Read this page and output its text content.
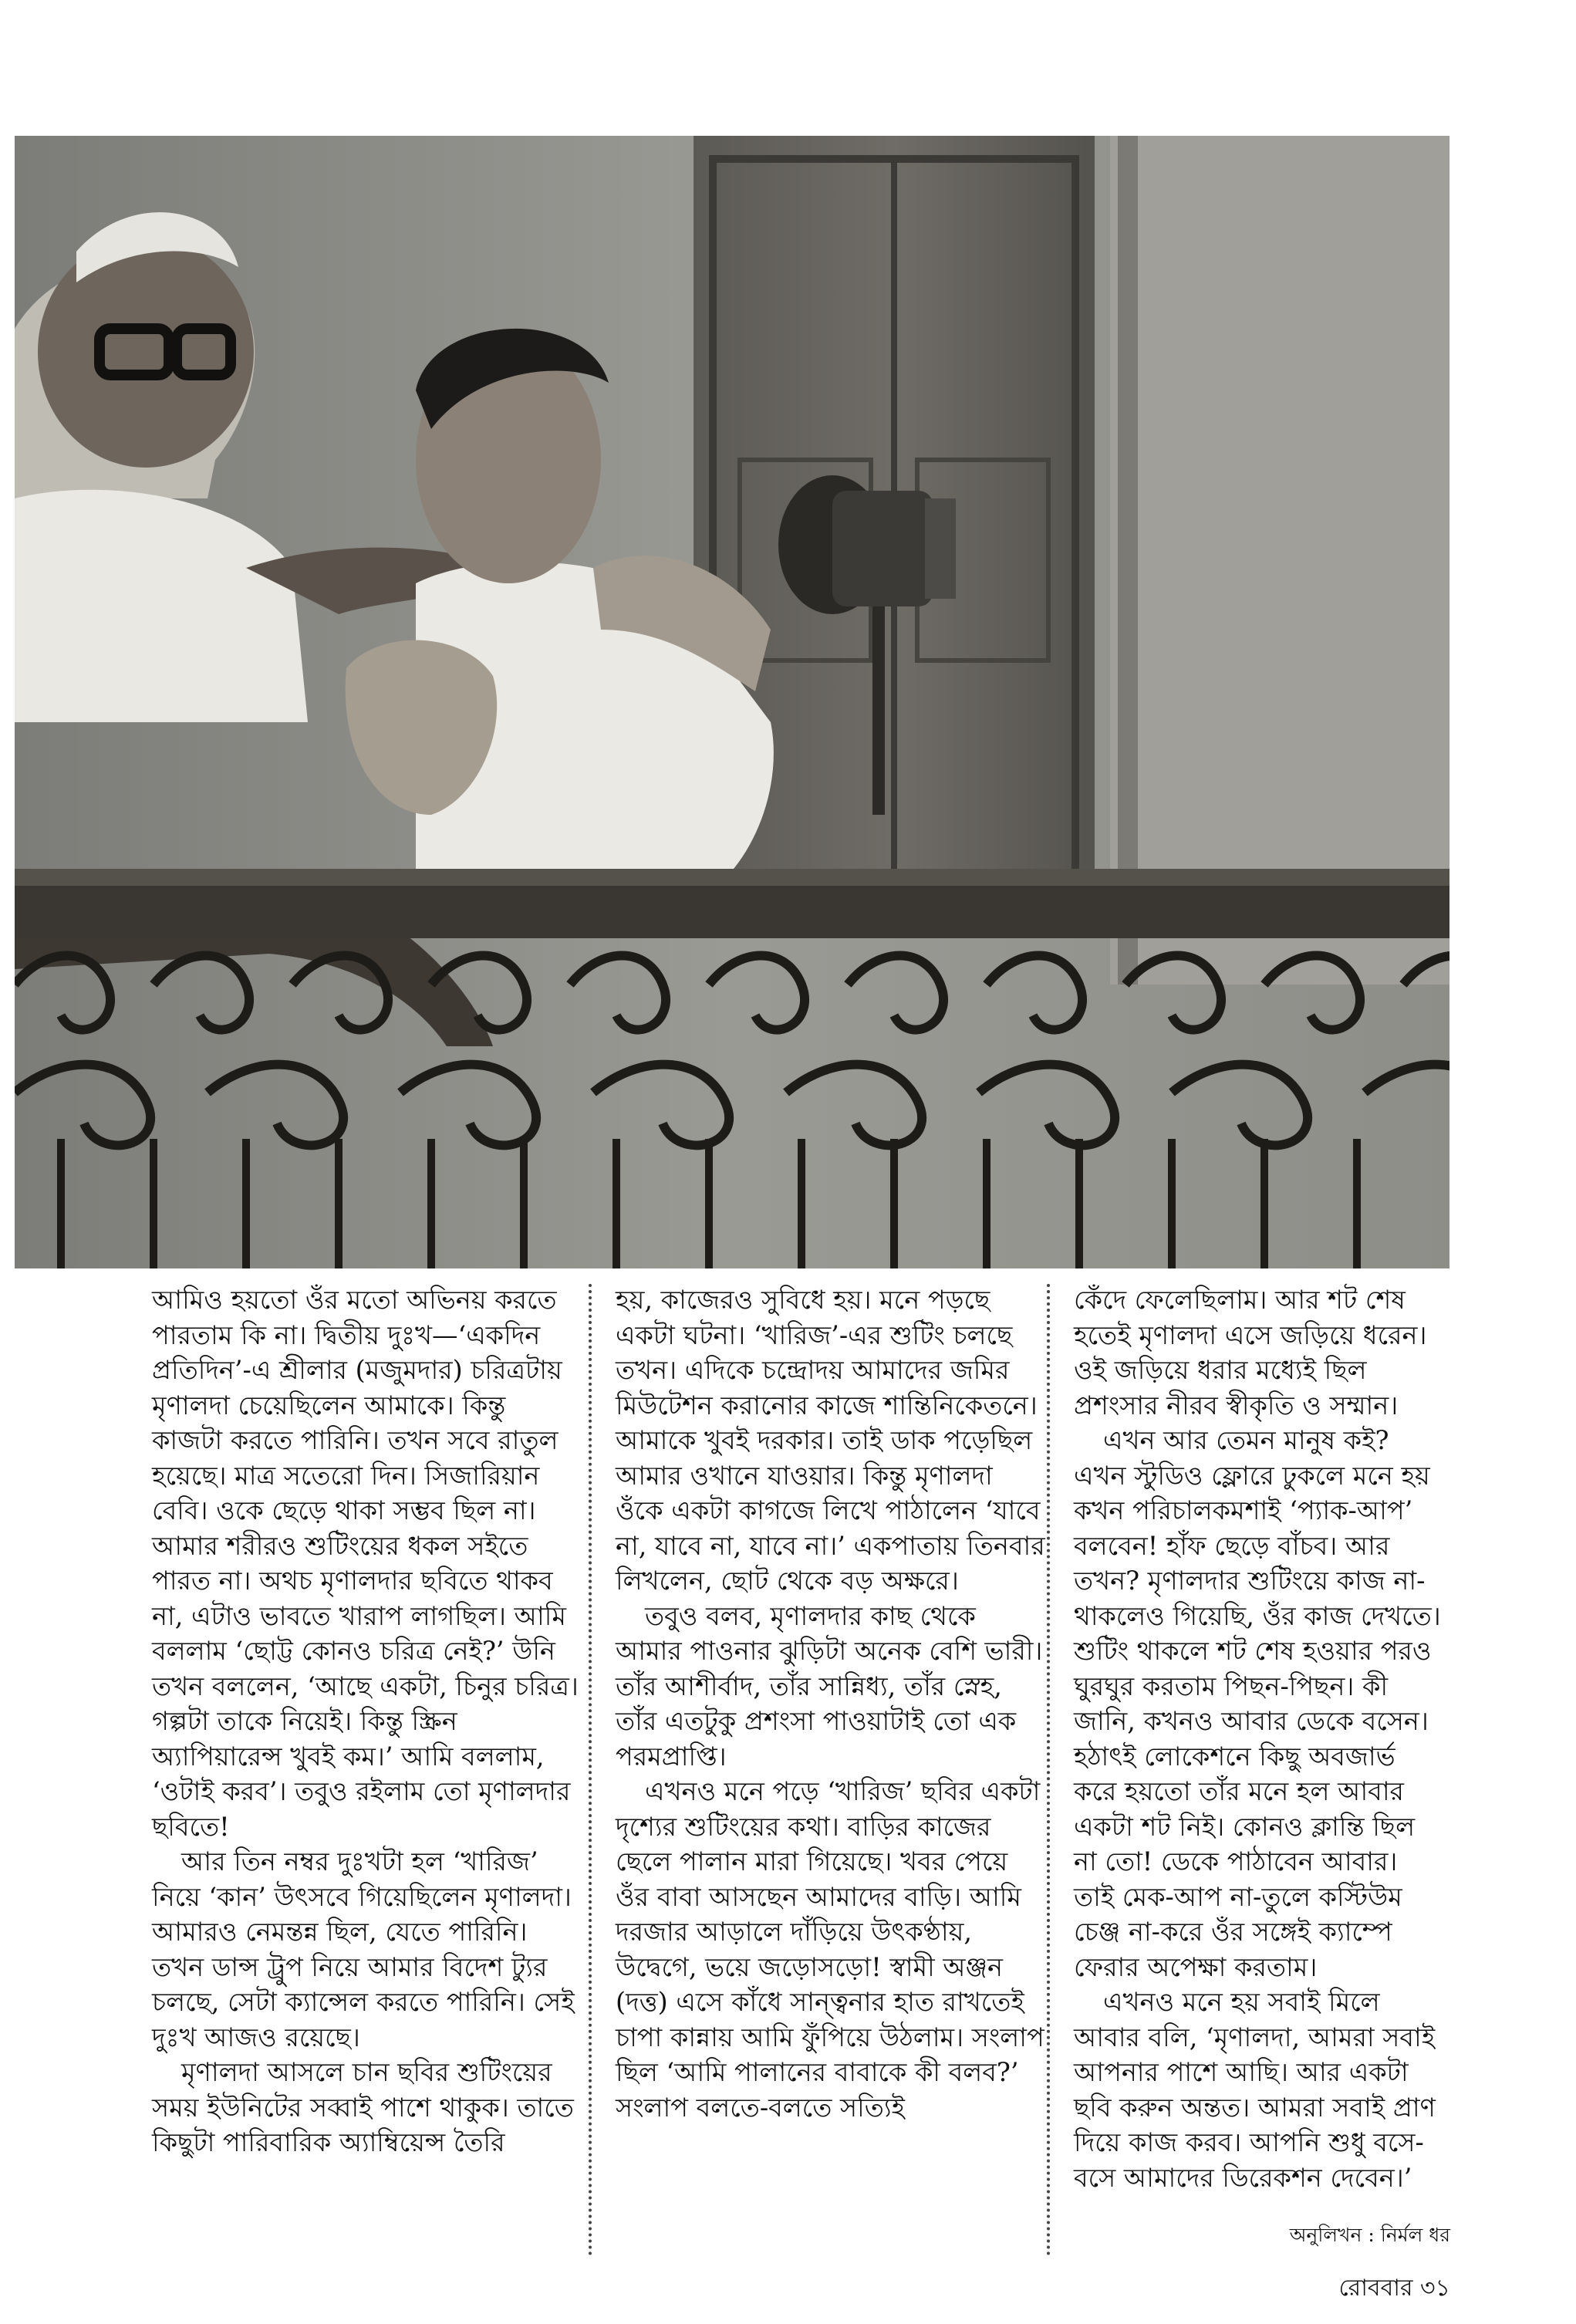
আমিও হয়তো ওঁর মতো অভিনয় করতে পারতাম কি না। দ্বিতীয় দুঃখ—‘একদিন প্রতিদিন’-এ শ্রীলার (মজুমদার) চরিত্রটায় মৃণালদা চেয়েছিলেন আমাকে। কিন্তু কাজটা করতে পারিনি। তখন সবে রাতুল হয়েছে। মাত্র সতেরো দিন। সিজারিয়ান বেবি। ওকে ছেড়ে থাকা সম্ভব ছিল না। আমার শরীরও শুটিংয়ের ধকল সইতে পারত না। অথচ মৃণালদার ছবিতে থাকব না, এটাও ভাবতে খারাপ লাগছিল। আমি বললাম ‘ছোট্ট কোনও চরিত্র নেই?’ উনি তখন বললেন, ‘আছে একটা, চিনুর চরিত্র। গল্পটা তাকে নিয়েই। কিন্তু স্ক্রিন অ্যাপিয়ারেন্স খুবই কম।’ আমি বললাম, ‘ওটাই করব’। তবুও রইলাম তো মৃণালদার ছবিতে!

আর তিন নম্বর দুঃখটা হল ‘খারিজ’ নিয়ে ‘কান’ উৎসবে গিয়েছিলেন মৃণালদা। আমারও নেমন্তন্ন ছিল, যেতে পারিনি। তখন ডান্স ট্রুপ নিয়ে আমার বিদেশ ট্যুর চলছে, সেটা ক্যান্সেল করতে পারিনি। সেই দুঃখ আজও রয়েছে।

মৃণালদা আসলে চান ছবির শুটিংয়ের সময় ইউনিটের সব্বাই পাশে থাকুক। তাতে কিছুটা পারিবারিক অ্যাম্বিয়েন্স তৈরি

হয়, কাজেরও সুবিধে হয়। মনে পড়ছে একটা ঘটনা। ‘খারিজ’-এর শুটিং চলছে তখন। এদিকে চন্দ্রোদয় আমাদের জমির মিউটেশন করানোর কাজে শান্তিনিকেতনে। আমাকে খুবই দরকার। তাই ডাক পড়েছিল আমার ওখানে যাওয়ার। কিন্তু মৃণালদা ওঁকে একটা কাগজে লিখে পাঠালেন ‘যাবে না, যাবে না, যাবে না।’ একপাতায় তিনবার লিখলেন, ছোট থেকে বড় অক্ষরে।

তবুও বলব, মৃণালদার কাছ থেকে আমার পাওনার ঝুড়িটা অনেক বেশি ভারী। তাঁর আশীর্বাদ, তাঁর সান্নিধ্য, তাঁর স্নেহ, তাঁর এতটুকু প্রশংসা পাওয়াটাই তো এক পরমপ্রাপ্তি।

এখনও মনে পড়ে ‘খারিজ’ ছবির একটা দৃশ্যের শুটিংয়ের কথা। বাড়ির কাজের ছেলে পালান মারা গিয়েছে। খবর পেয়ে ওঁর বাবা আসছেন আমাদের বাড়ি। আমি দরজার আড়ালে দাঁড়িয়ে উৎকণ্ঠায়, উদ্বেগে, ভয়ে জড়োসড়ো! স্বামী অঞ্জন (দত্ত) এসে কাঁধে সান্ত্বনার হাত রাখতেই চাপা কান্নায় আমি ফুঁপিয়ে উঠলাম। সংলাপ ছিল ‘আমি পালানের বাবাকে কী বলব?’ সংলাপ বলতে-বলতে সত্যিই

কেঁদে ফেলেছিলাম। আর শট শেষ হতেই মৃণালদা এসে জড়িয়ে ধরেন। ওই জড়িয়ে ধরার মধ্যেই ছিল প্রশংসার নীরব স্বীকৃতি ও সম্মান।

এখন আর তেমন মানুষ কই? এখন স্টুডিও ফ্লোরে ঢুকলে মনে হয় কখন পরিচালকমশাই ‘প্যাক-আপ’ বলবেন! হাঁফ ছেড়ে বাঁচব। আর তখন? মৃণালদার শুটিংয়ে কাজ না-থাকলেও গিয়েছি, ওঁর কাজ দেখতে। শুটিং থাকলে শট শেষ হওয়ার পরও ঘুরঘুর করতাম পিছন-পিছন। কী জানি, কখনও আবার ডেকে বসেন। হঠাৎই লোকেশনে কিছু অবজার্ভ করে হয়তো তাঁর মনে হল আবার একটা শট নিই। কোনও ক্লান্তি ছিল না তো! ডেকে পাঠাবেন আবার। তাই মেক-আপ না-তুলে কস্টিউম চেঞ্জ না-করে ওঁর সঙ্গেই ক্যাম্পে ফেরার অপেক্ষা করতাম।

এখনও মনে হয় সবাই মিলে আবার বলি, ‘মৃণালদা, আমরা সবাই আপনার পাশে আছি। আর একটা ছবি করুন অন্তত। আমরা সবাই প্রাণ দিয়ে কাজ করব। আপনি শুধু বসে-বসে আমাদের ডিরেকশন দেবেন।’

অনুলিখন : নির্মল ধর
রোববার ৩১
